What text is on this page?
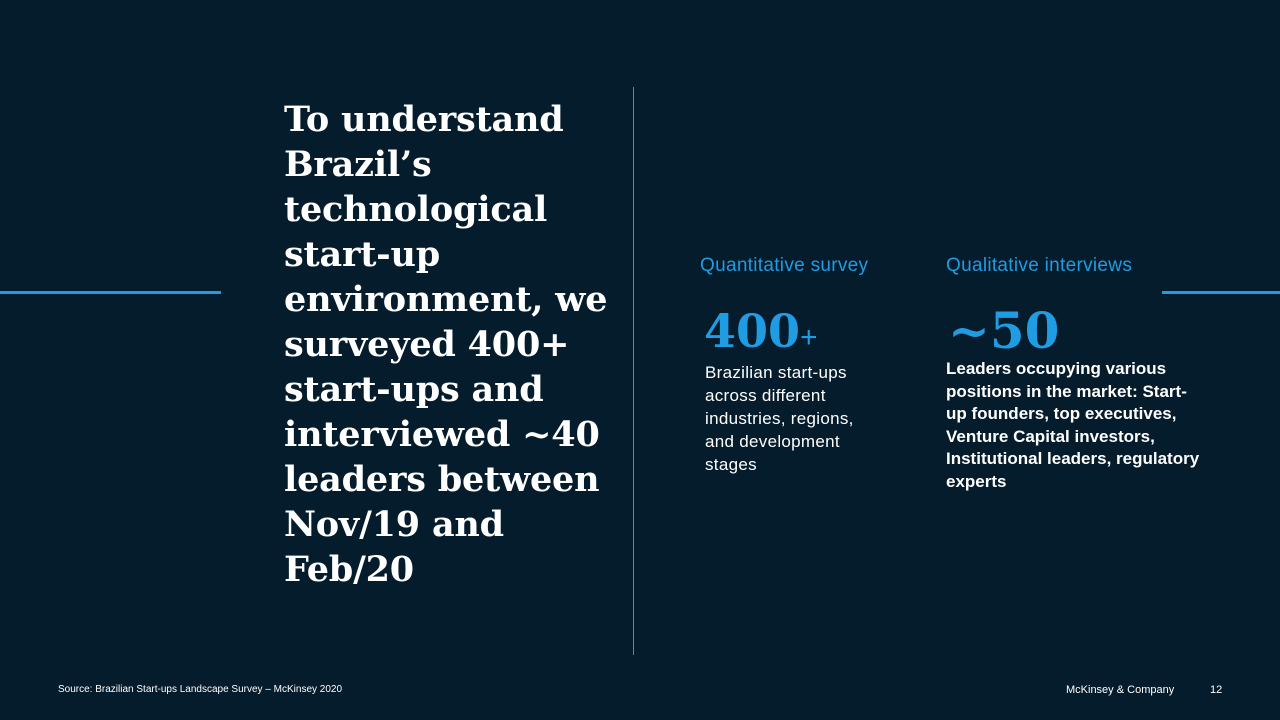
To understand Brazil’s technological start-up environment, we surveyed 400+ start-ups and interviewed ~40 leaders between Nov/19 and Feb/20
Quantitative survey
400+
Brazilian start-ups across different industries, regions, and development stages
Qualitative interviews
~50
Leaders occupying various positions in the market: Start-up founders, top executives, Venture Capital investors, Institutional leaders, regulatory experts
Source: Brazilian Start-ups Landscape Survey – McKinsey 2020	McKinsey & Company	12
